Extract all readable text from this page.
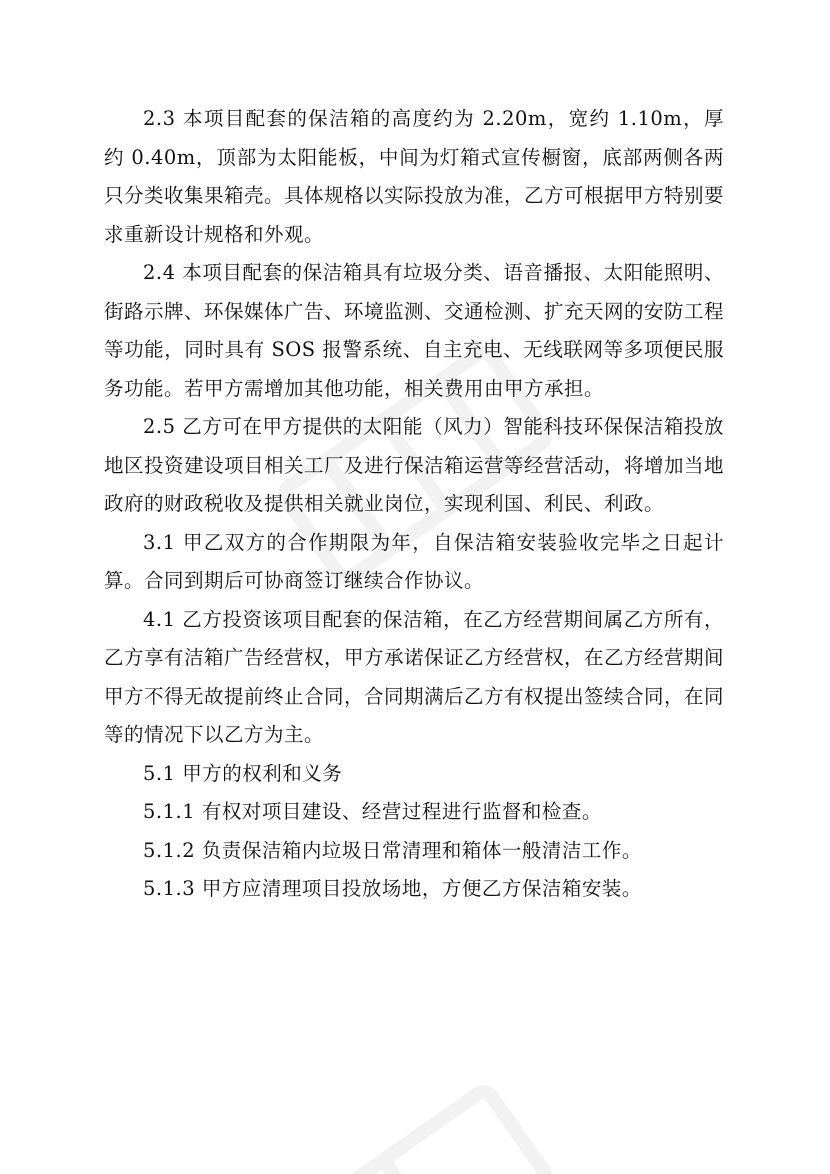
2.3 本项目配套的保洁箱的高度约为 2.20m，宽约 1.10m，厚约 0.40m，顶部为太阳能板，中间为灯箱式宣传橱窗，底部两侧各两只分类收集果箱壳。具体规格以实际投放为准，乙方可根据甲方特别要求重新设计规格和外观。

2.4 本项目配套的保洁箱具有垃圾分类、语音播报、太阳能照明、街路示牌、环保媒体广告、环境监测、交通检测、扩充天网的安防工程等功能，同时具有 SOS 报警系统、自主充电、无线联网等多项便民服务功能。若甲方需增加其他功能，相关费用由甲方承担。

2.5 乙方可在甲方提供的太阳能（风力）智能科技环保保洁箱投放地区投资建设项目相关工厂及进行保洁箱运营等经营活动，将增加当地政府的财政税收及提供相关就业岗位，实现利国、利民、利政。

3.1 甲乙双方的合作期限为年，自保洁箱安装验收完毕之日起计算。合同到期后可协商签订继续合作协议。

4.1 乙方投资该项目配套的保洁箱，在乙方经营期间属乙方所有，乙方享有洁箱广告经营权，甲方承诺保证乙方经营权，在乙方经营期间甲方不得无故提前终止合同，合同期满后乙方有权提出签续合同，在同等的情况下以乙方为主。

5.1 甲方的权利和义务

5.1.1 有权对项目建设、经营过程进行监督和检查。

5.1.2 负责保洁箱内垃圾日常清理和箱体一般清洁工作。

5.1.3 甲方应清理项目投放场地，方便乙方保洁箱安装。
